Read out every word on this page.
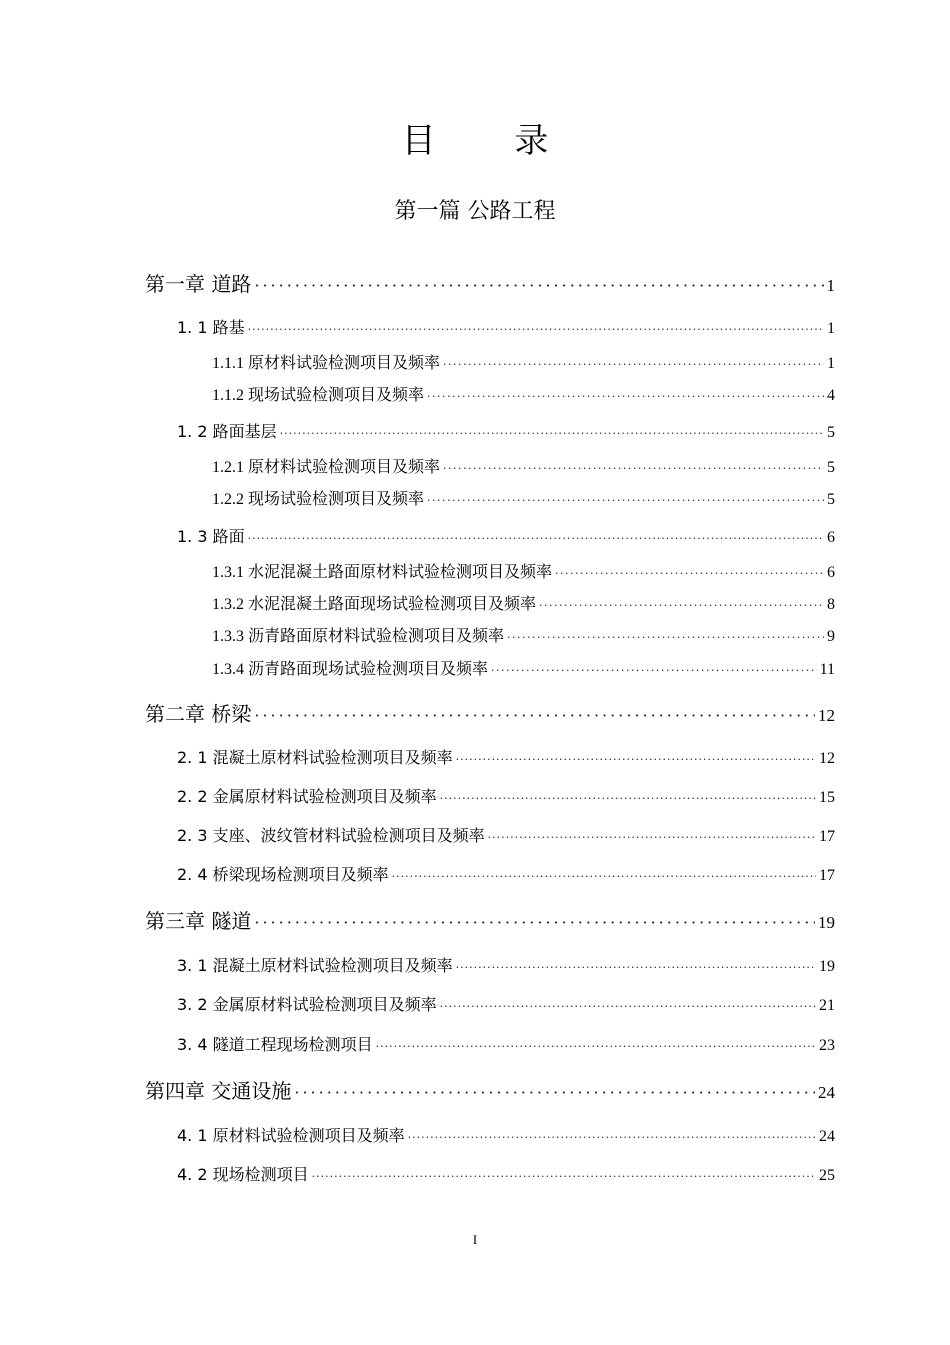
目 录
第一篇 公路工程
第一章 道路 ·····	1
1. 1 路基 ·····	1
1.1.1 原材料试验检测项目及频率 ·····	1
1.1.2 现场试验检测项目及频率 ·····	4
1. 2 路面基层 ·····	5
1.2.1 原材料试验检测项目及频率 ·····	5
1.2.2 现场试验检测项目及频率 ·····	5
1. 3 路面 ·····	6
1.3.1 水泥混凝土路面原材料试验检测项目及频率 ·····	6
1.3.2 水泥混凝土路面现场试验检测项目及频率 ·····	8
1.3.3 沥青路面原材料试验检测项目及频率 ·····	9
1.3.4 沥青路面现场试验检测项目及频率 ·····	11
第二章 桥梁 ·····	12
2. 1 混凝土原材料试验检测项目及频率 ·····	12
2. 2 金属原材料试验检测项目及频率 ·····	15
2. 3 支座、波纹管材料试验检测项目及频率 ·····	17
2. 4 桥梁现场检测项目及频率 ·····	17
第三章 隧道 ·····	19
3. 1 混凝土原材料试验检测项目及频率 ·····	19
3. 2 金属原材料试验检测项目及频率 ·····	21
3. 4 隧道工程现场检测项目 ·····	23
第四章 交通设施 ·····	24
4. 1 原材料试验检测项目及频率 ·····	24
4. 2 现场检测项目 ·····	25
I
